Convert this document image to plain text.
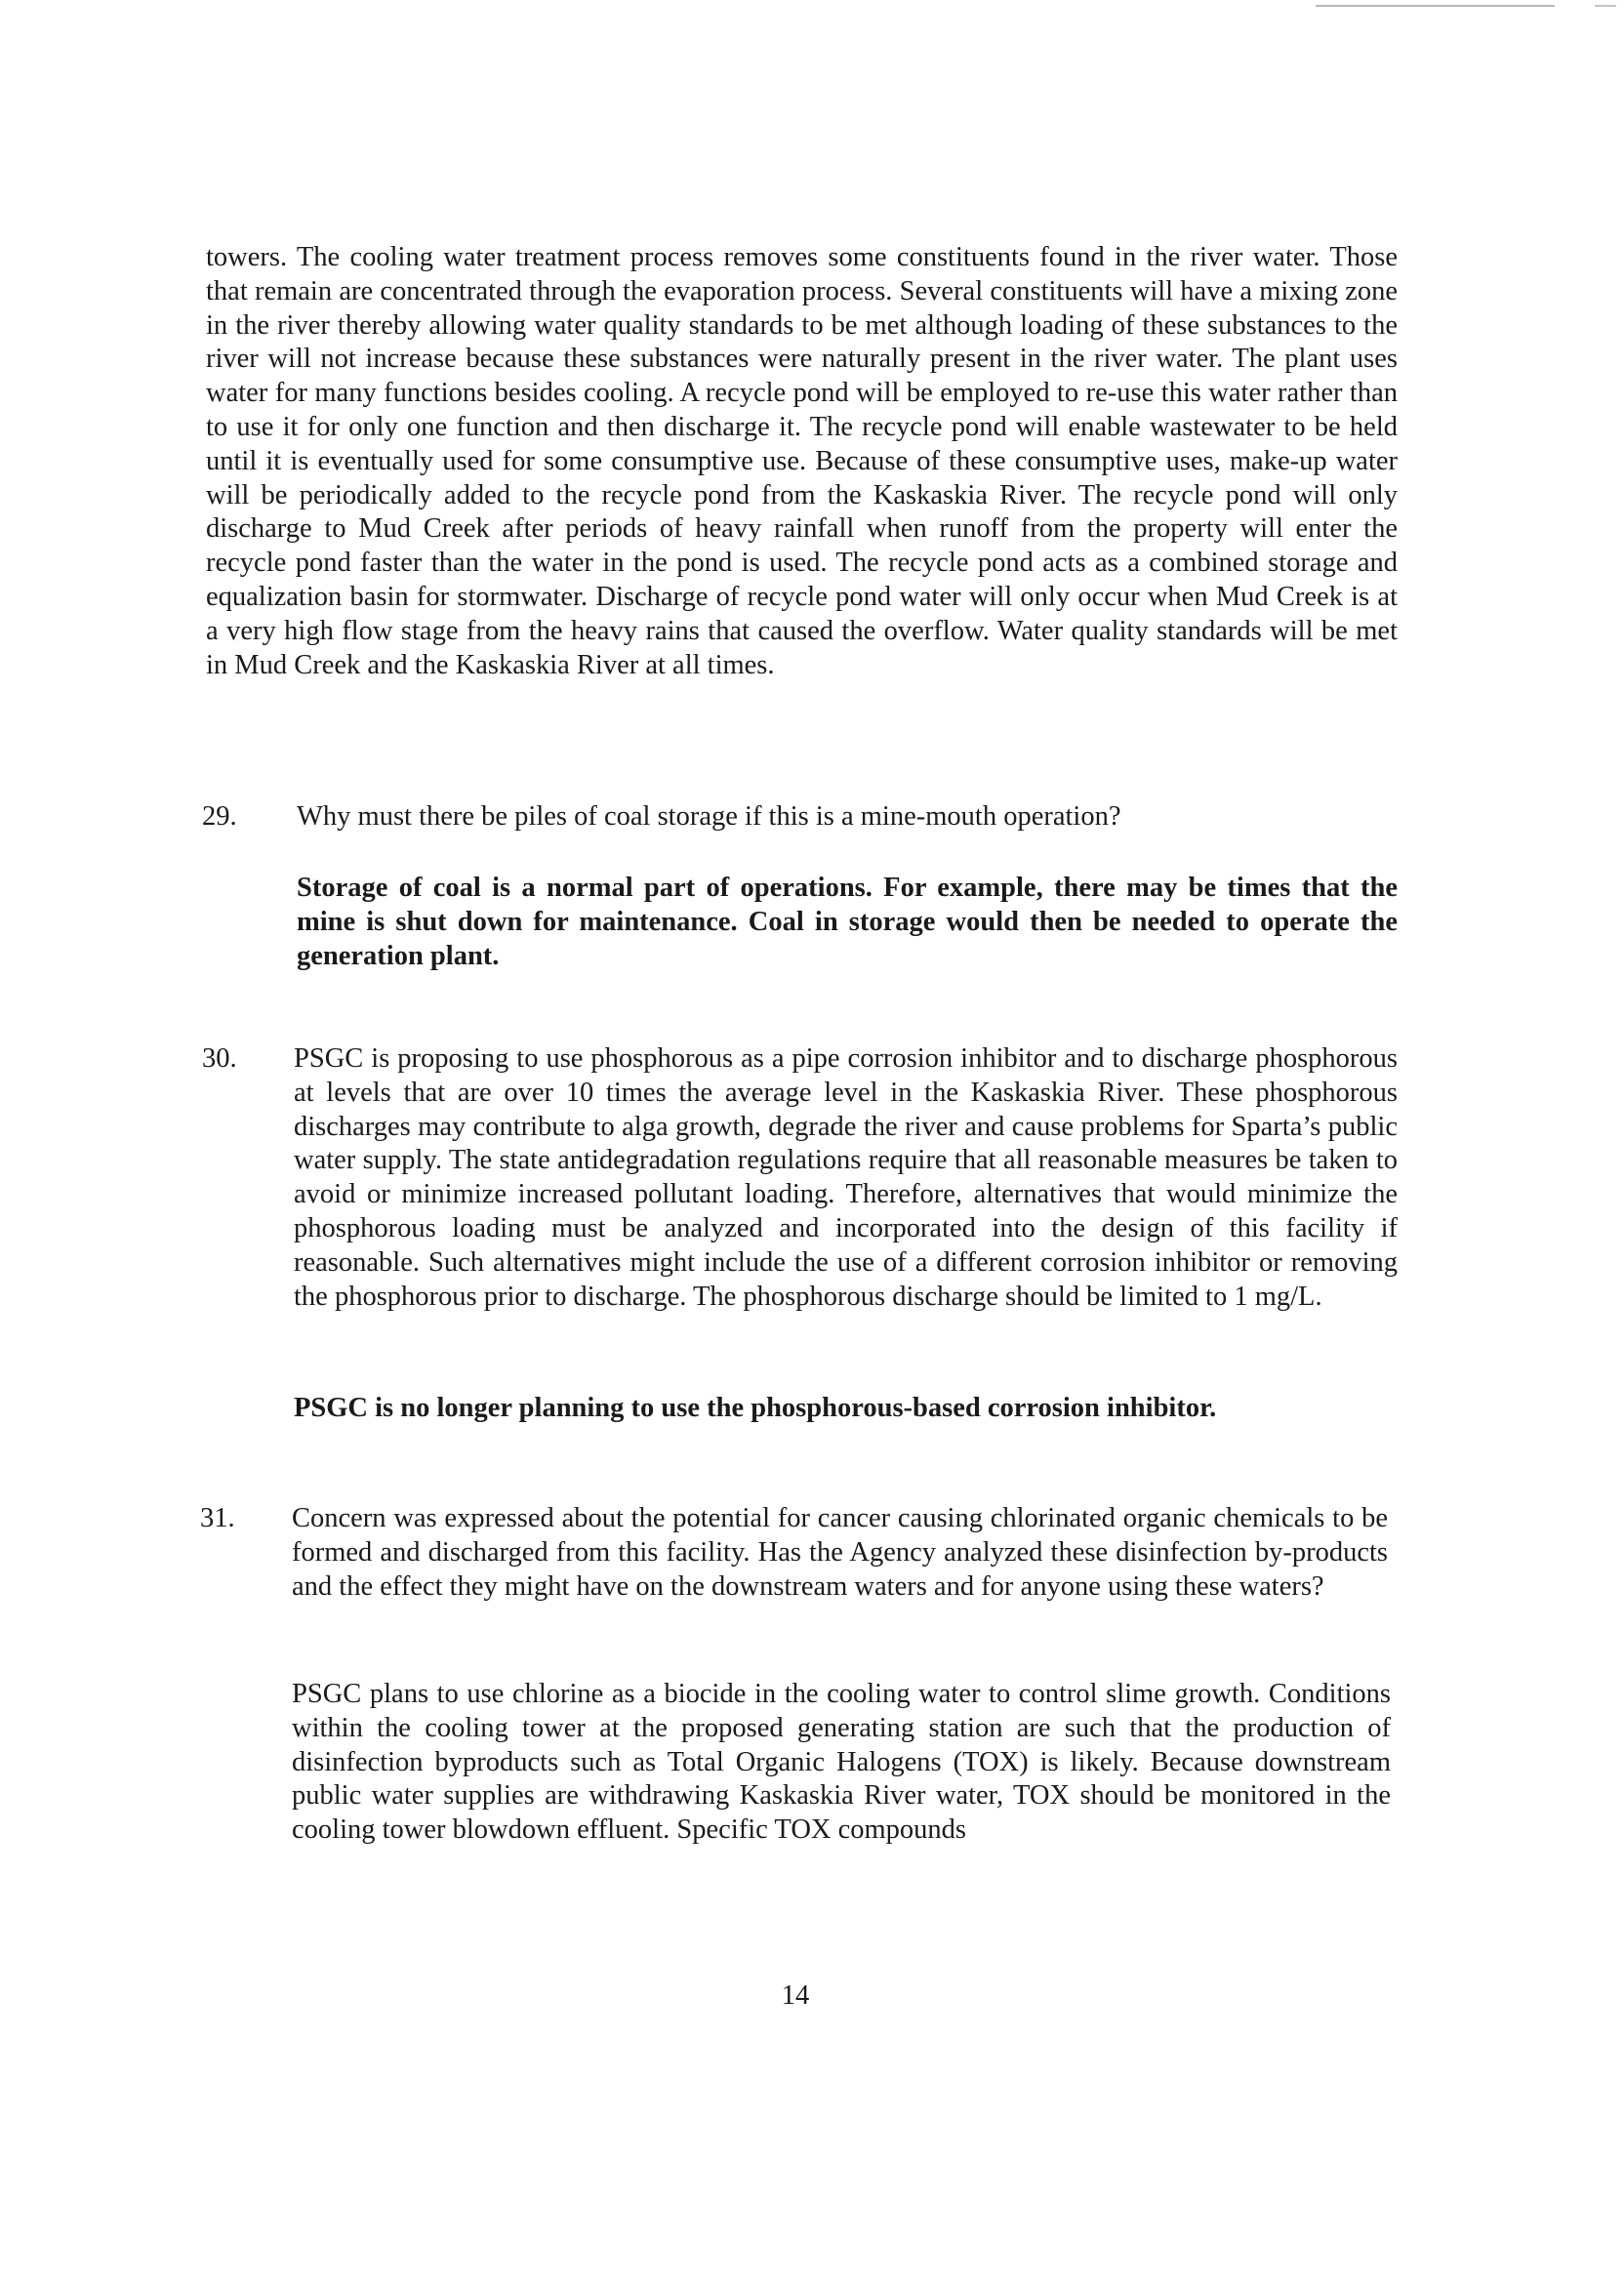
towers. The cooling water treatment process removes some constituents found in the river water. Those that remain are concentrated through the evaporation process. Several constituents will have a mixing zone in the river thereby allowing water quality standards to be met although loading of these substances to the river will not increase because these substances were naturally present in the river water. The plant uses water for many functions besides cooling. A recycle pond will be employed to re-use this water rather than to use it for only one function and then discharge it. The recycle pond will enable wastewater to be held until it is eventually used for some consumptive use. Because of these consumptive uses, make-up water will be periodically added to the recycle pond from the Kaskaskia River. The recycle pond will only discharge to Mud Creek after periods of heavy rainfall when runoff from the property will enter the recycle pond faster than the water in the pond is used. The recycle pond acts as a combined storage and equalization basin for stormwater. Discharge of recycle pond water will only occur when Mud Creek is at a very high flow stage from the heavy rains that caused the overflow. Water quality standards will be met in Mud Creek and the Kaskaskia River at all times.

29. Why must there be piles of coal storage if this is a mine-mouth operation?

Storage of coal is a normal part of operations. For example, there may be times that the mine is shut down for maintenance. Coal in storage would then be needed to operate the generation plant.

30. PSGC is proposing to use phosphorous as a pipe corrosion inhibitor and to discharge phosphorous at levels that are over 10 times the average level in the Kaskaskia River. These phosphorous discharges may contribute to alga growth, degrade the river and cause problems for Sparta’s public water supply. The state antidegradation regulations require that all reasonable measures be taken to avoid or minimize increased pollutant loading. Therefore, alternatives that would minimize the phosphorous loading must be analyzed and incorporated into the design of this facility if reasonable. Such alternatives might include the use of a different corrosion inhibitor or removing the phosphorous prior to discharge. The phosphorous discharge should be limited to 1 mg/L.

PSGC is no longer planning to use the phosphorous-based corrosion inhibitor.

31. Concern was expressed about the potential for cancer causing chlorinated organic chemicals to be formed and discharged from this facility. Has the Agency analyzed these disinfection by-products and the effect they might have on the downstream waters and for anyone using these waters?

PSGC plans to use chlorine as a biocide in the cooling water to control slime growth. Conditions within the cooling tower at the proposed generating station are such that the production of disinfection byproducts such as Total Organic Halogens (TOX) is likely. Because downstream public water supplies are withdrawing Kaskaskia River water, TOX should be monitored in the cooling tower blowdown effluent. Specific TOX compounds

14
